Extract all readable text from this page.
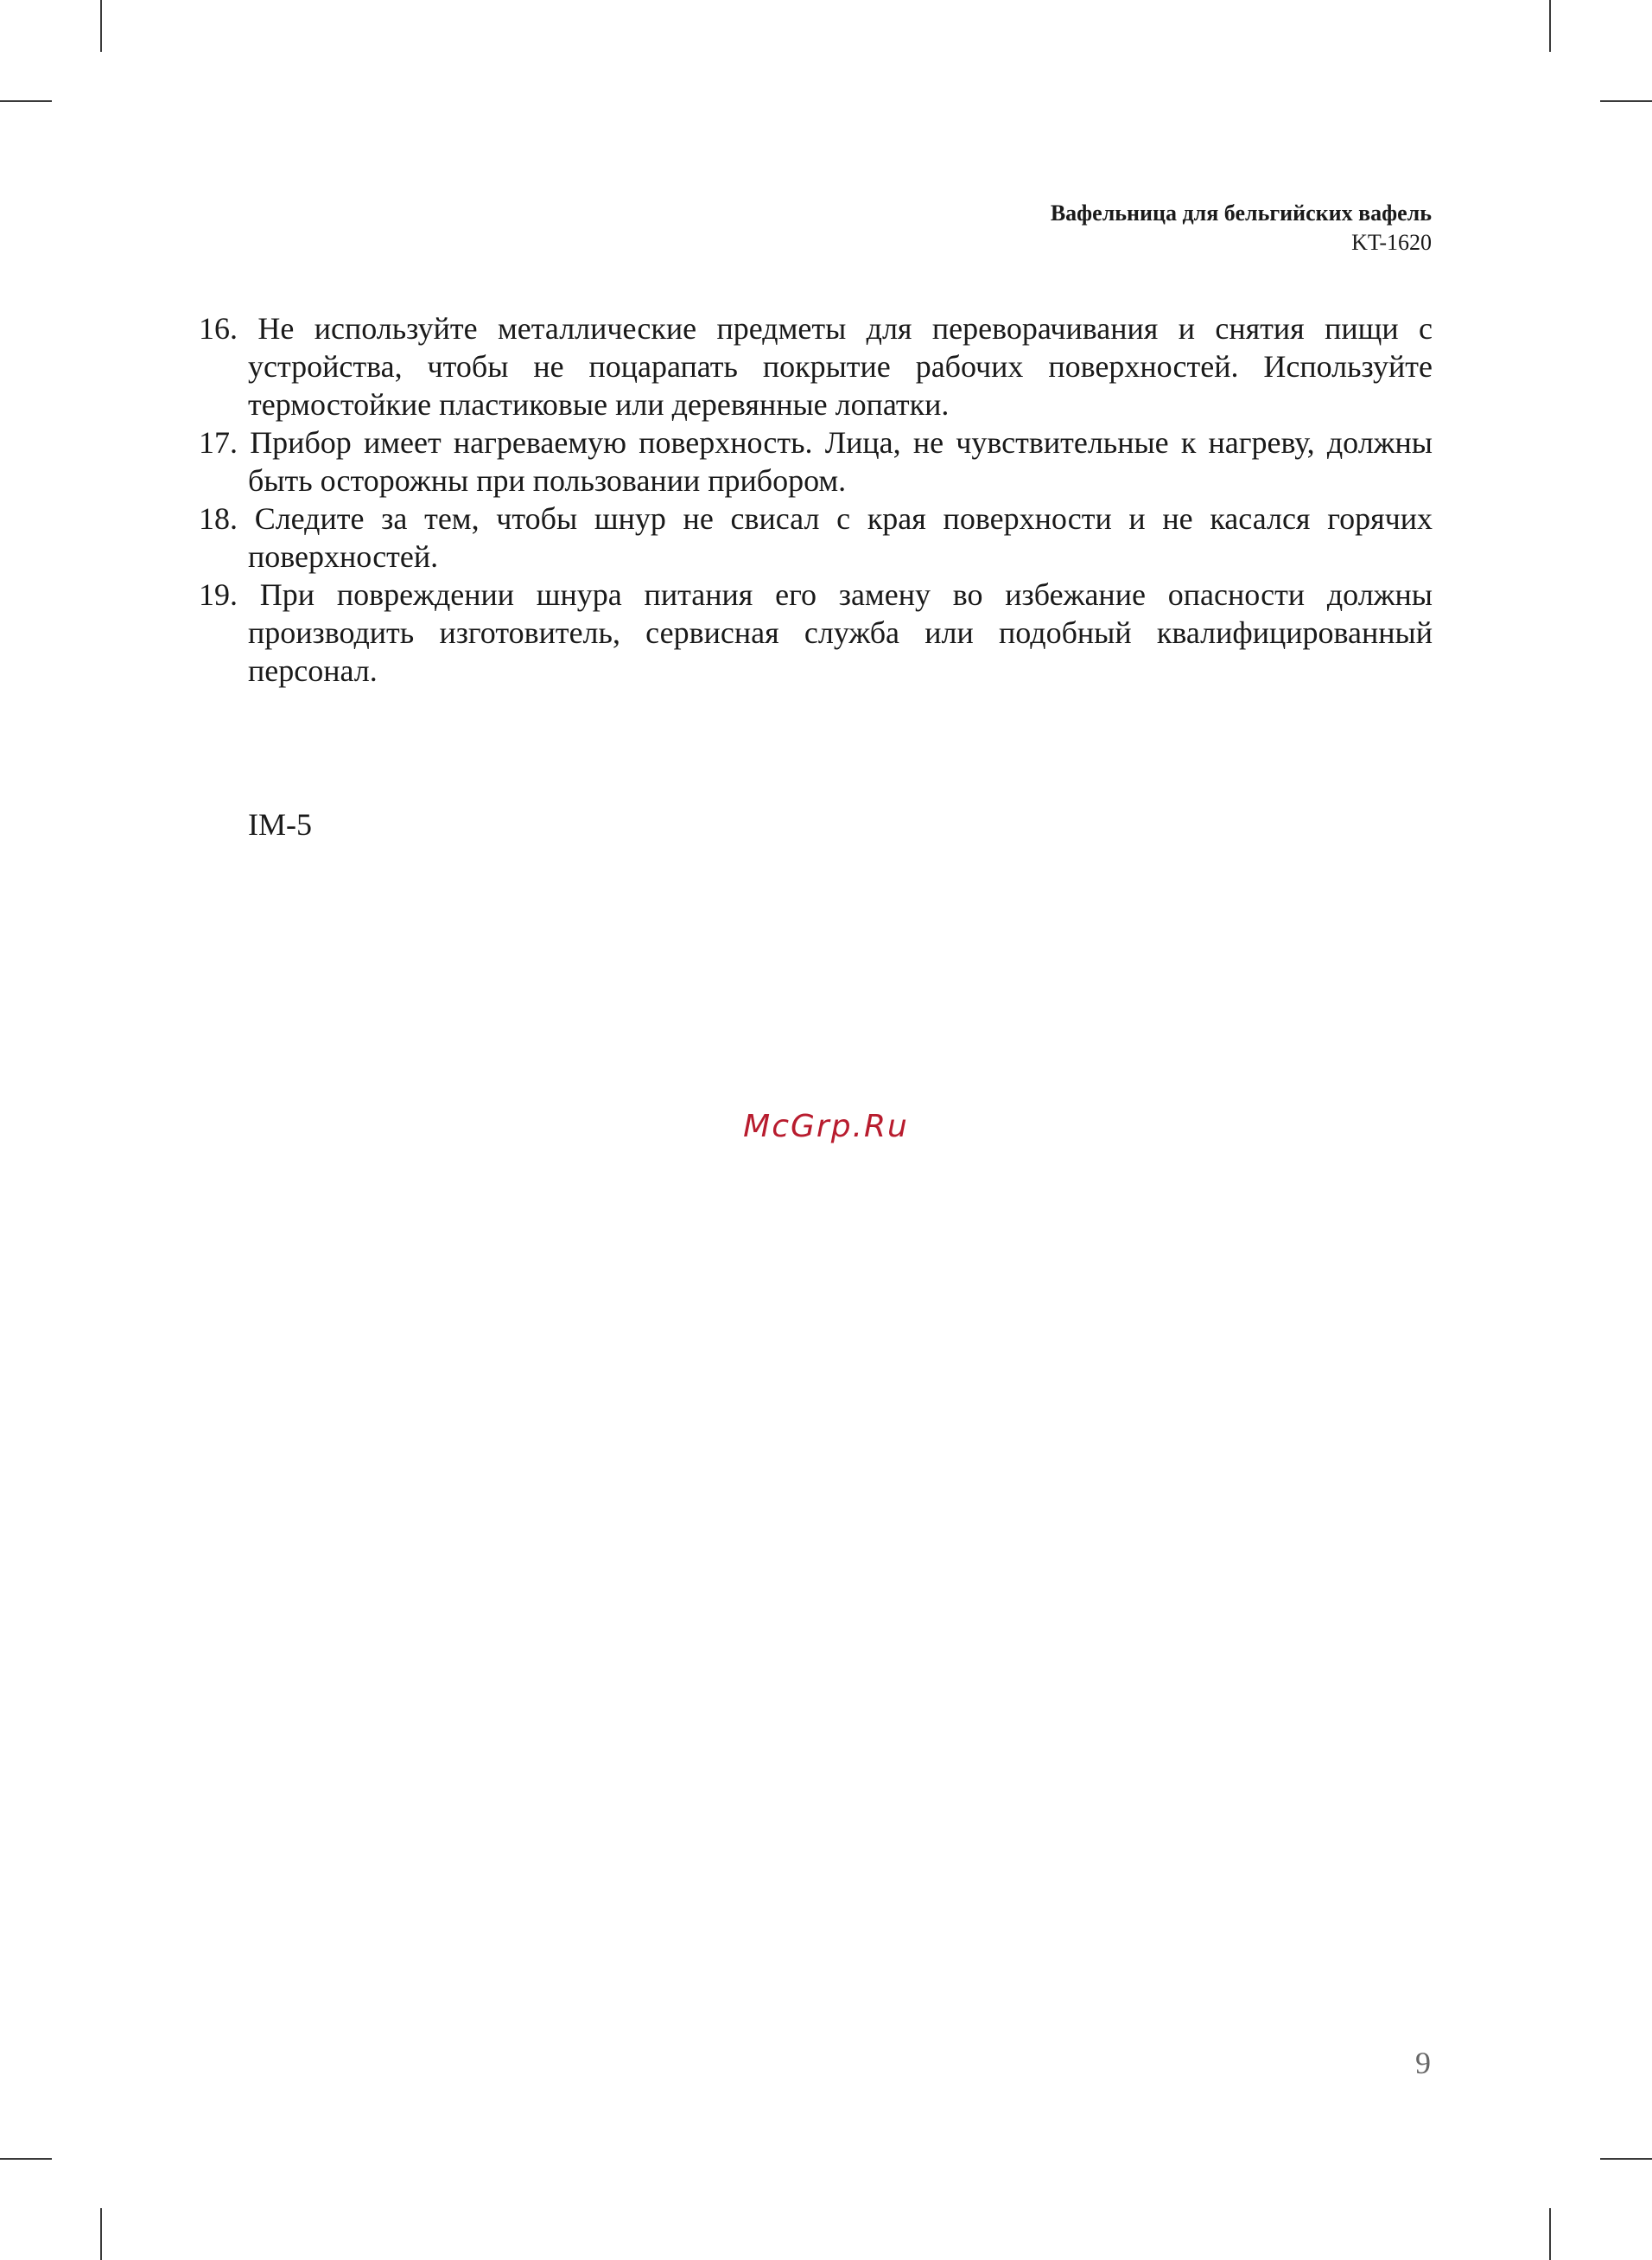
Вафельница для бельгийских вафель
KT-1620
16. Не используйте металлические предметы для переворачивания и снятия пищи с устройства, чтобы не поцарапать покрытие рабочих поверхностей. Используйте термостойкие пластиковые или деревянные лопатки.
17. Прибор имеет нагреваемую поверхность. Лица, не чувствительные к нагреву, должны быть осторожны при пользовании прибором.
18. Следите за тем, чтобы шнур не свисал с края поверхности и не касался горячих поверхностей.
19. При повреждении шнура питания его замену во избежание опасности должны производить изготовитель, сервисная служба или подобный квалифицированный персонал.
IM-5
McGrp.Ru
9
